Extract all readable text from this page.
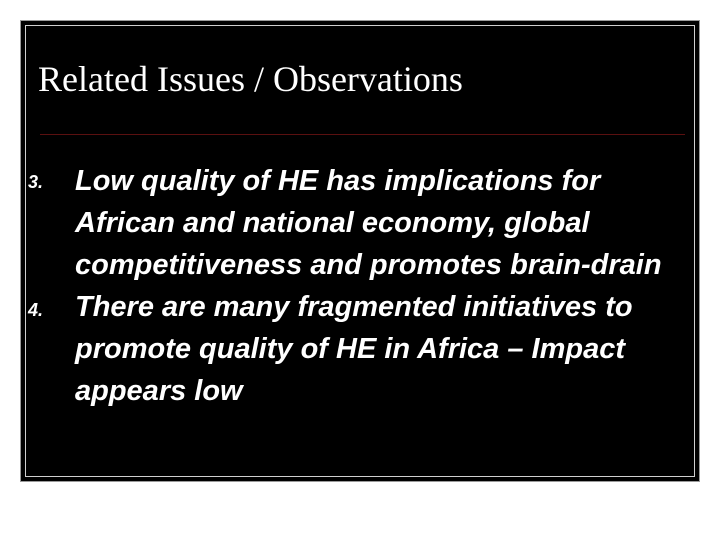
Related Issues / Observations
3. Low quality of HE has implications for African and national economy, global competitiveness and promotes brain-drain
4. There are many fragmented initiatives to promote quality of HE in Africa – Impact appears low
